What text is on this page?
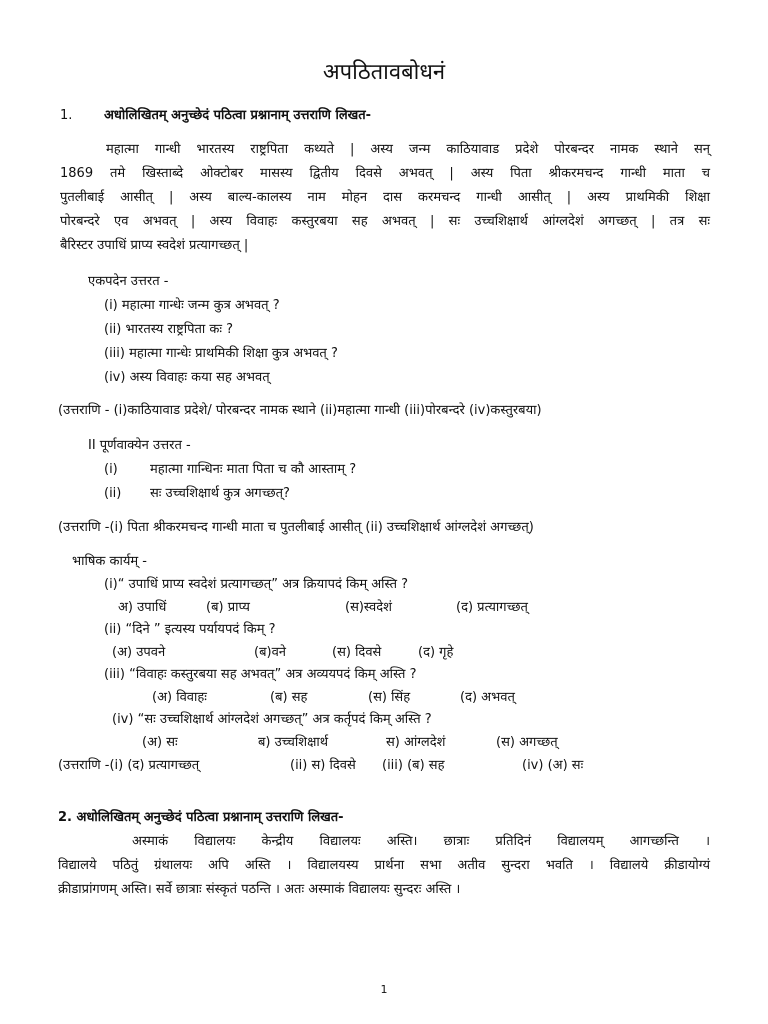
अपठितावबोधनं
1. अधोलिखितम् अनुच्छेदं पठित्वा प्रश्नानाम् उत्तराणि लिखत-
महात्मा गान्धी भारतस्य राष्ट्रपिता कथ्यते | अस्य जन्म काठियावाड प्रदेशे पोरबन्दर नामक स्थाने सन्
1869 तमे खिस्ताब्दे ओक्टोबर मासस्य द्वितीय दिवसे अभवत् | अस्य पिता श्रीकरमचन्द गान्धी माता च
पुतलीबाई आसीत् | अस्य बाल्य-कालस्य नाम मोहन दास करमचन्द गान्धी आसीत् | अस्य प्राथमिकी शिक्षा
पोरबन्दरे एव अभवत् | अस्य विवाहः कस्तुरबया सह अभवत् | सः उच्चशिक्षार्थ आंग्लदेशं अगच्छत् | तत्र सः
बैरिस्टर उपाधिं प्राप्य स्वदेशं प्रत्यागच्छत् |
एकपदेन उत्तरत -
(i) महात्मा गान्धेः जन्म कुत्र अभवत् ?
(ii) भारतस्य राष्ट्रपिता कः ?
(iii) महात्मा गान्धेः प्राथमिकी शिक्षा कुत्र अभवत् ?
(iv) अस्य विवाहः कया सह अभवत्
(उत्तराणि - (i)काठियावाड प्रदेशे/ पोरबन्दर नामक स्थाने (ii)महात्मा गान्धी (iii)पोरबन्दरे (iv)कस्तुरबया)
II पूर्णवाक्येन उत्तरत -
(i) महात्मा गान्धिनः माता पिता च कौ आस्ताम् ?
(ii) सः उच्चशिक्षार्थ कुत्र अगच्छत्?
(उत्तराणि -(i) पिता श्रीकरमचन्द गान्धी माता च पुतलीबाई आसीत् (ii) उच्चशिक्षार्थ आंग्लदेशं अगच्छत्)
भाषिक कार्यम् -
(i)“ उपाधिं प्राप्य स्वदेशं प्रत्यागच्छत्” अत्र क्रियापदं किम् अस्ति ?
अ) उपाधिं	(ब) प्राप्य	(स)स्वदेशं	(द) प्रत्यागच्छत्
(ii) “दिने ” इत्यस्य पर्यायपदं किम् ?
(अ) उपवने	(ब)वने	(स) दिवसे	(द) गृहे
(iii) “विवाहः कस्तुरबया सह अभवत्” अत्र अव्ययपदं किम् अस्ति ?
(अ) विवाहः	(ब) सह	(स) सिंह	(द) अभवत्
(iv) “सः उच्चशिक्षार्थ आंग्लदेशं अगच्छत्” अत्र कर्तृपदं किम् अस्ति ?
(अ) सः	ब) उच्चशिक्षार्थ	स) आंग्लदेशं	(स) अगच्छत्
(उत्तराणि -(i) (द) प्रत्यागच्छत्	(ii) स) दिवसे (iii) (ब) सह	(iv) (अ) सः
2. अधोलिखितम् अनुच्छेदं पठित्वा प्रश्नानाम् उत्तराणि लिखत-
अस्माकं विद्यालयः केन्द्रीय विद्यालयः अस्ति। छात्राः प्रतिदिनं विद्यालयम् आगच्छन्ति ।
विद्यालये पठितुं ग्रंथालयः अपि अस्ति । विद्यालयस्य प्रार्थना सभा अतीव सुन्दरा भवति । विद्यालये क्रीडायोग्यं
क्रीडाप्रांगणम् अस्ति। सर्वे छात्राः संस्कृतं पठन्ति । अतः अस्माकं विद्यालयः सुन्दरः अस्ति ।
1
